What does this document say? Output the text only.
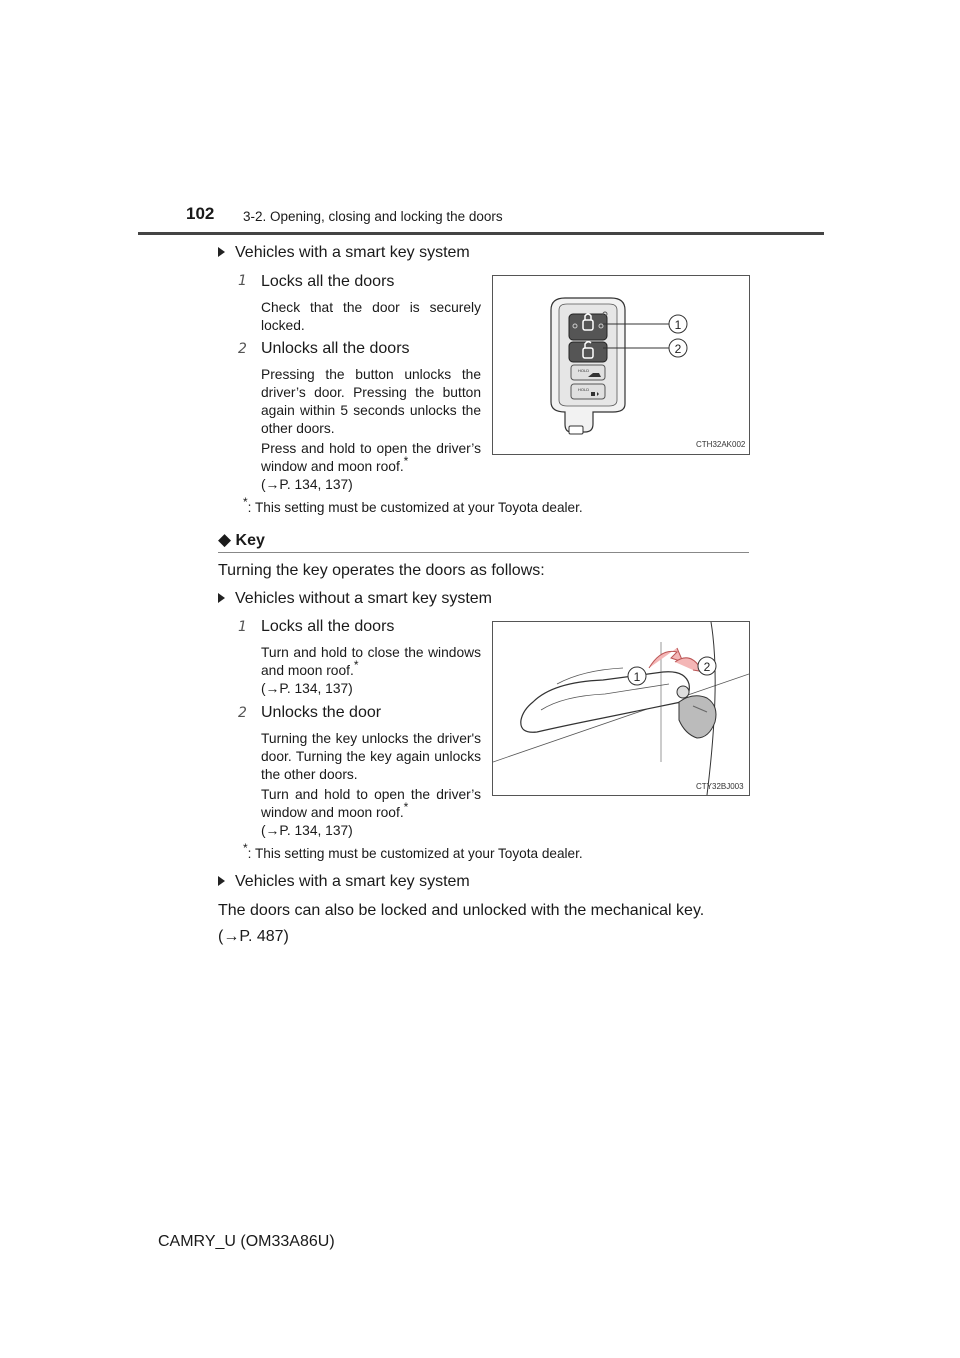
102 3-2. Opening, closing and locking the doors
Vehicles with a smart key system
1 Locks all the doors
Check that the door is securely locked.
2 Unlocks all the doors
Pressing the button unlocks the driver’s door. Pressing the button again within 5 seconds unlocks the other doors.
Press and hold to open the driver’s window and moon roof.*
(→P. 134, 137)
*: This setting must be customized at your Toyota dealer.
HOLD
HOLD
1
2
CTH32AK002
◆ Key
Turning the key operates the doors as follows:
Vehicles without a smart key system
1 Locks all the doors
Turn and hold to close the windows and moon roof.*
(→P. 134, 137)
2 Unlocks the door
Turning the key unlocks the driver's door. Turning the key again unlocks the other doors.
Turn and hold to open the driver’s window and moon roof.*
(→P. 134, 137)
*: This setting must be customized at your Toyota dealer.
1
2
CTY32BJ003
Vehicles with a smart key system
The doors can also be locked and unlocked with the mechanical key.
(→P. 487)
CAMRY_U (OM33A86U)
